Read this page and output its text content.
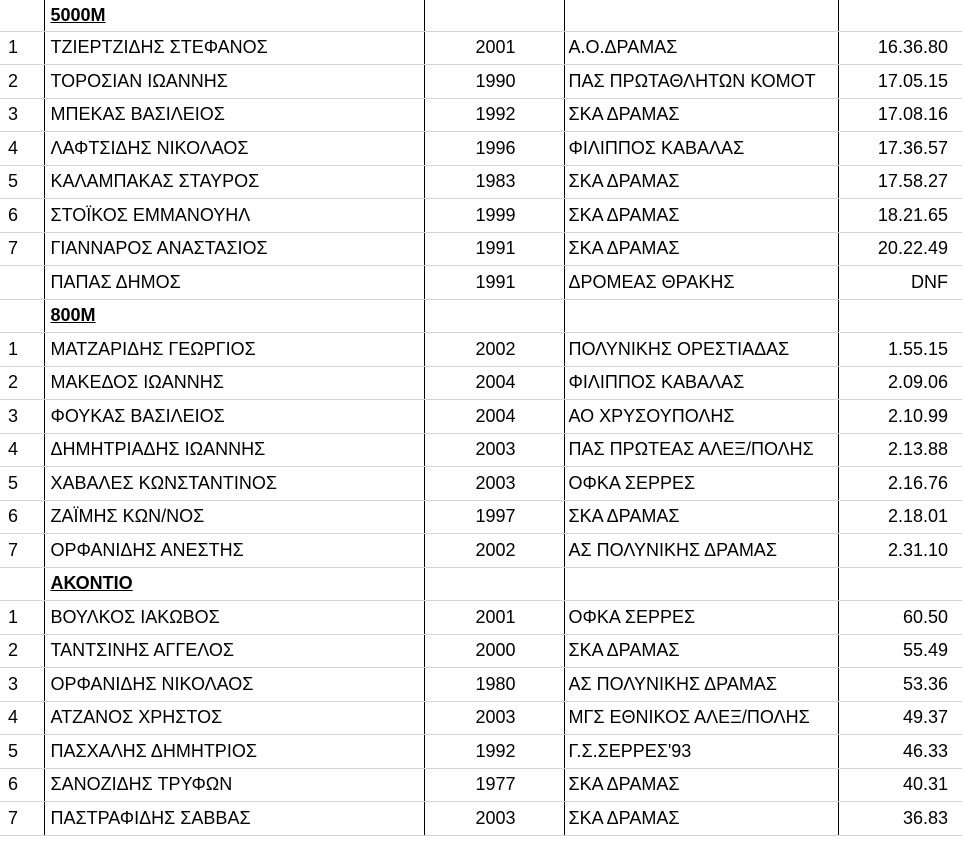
	5000M			
1	ΤΖΙΕΡΤΖΙΔΗΣ ΣΤΕΦΑΝΟΣ	2001	Α.Ο.ΔΡΑΜΑΣ	16.36.80
2	ΤΟΡΟΣΙΑΝ ΙΩΑΝΝΗΣ	1990	ΠΑΣ ΠΡΩΤΑΘΛΗΤΩΝ ΚΟΜΟΤ	17.05.15
3	ΜΠΕΚΑΣ ΒΑΣΙΛΕΙΟΣ	1992	ΣΚΑ ΔΡΑΜΑΣ	17.08.16
4	ΛΑΦΤΣΙΔΗΣ ΝΙΚΟΛΑΟΣ	1996	ΦΙΛΙΠΠΟΣ ΚΑΒΑΛΑΣ	17.36.57
5	ΚΑΛΑΜΠΑΚΑΣ ΣΤΑΥΡΟΣ	1983	ΣΚΑ ΔΡΑΜΑΣ	17.58.27
6	ΣΤΟΪΚΟΣ ΕΜΜΑΝΟΥΗΛ	1999	ΣΚΑ ΔΡΑΜΑΣ	18.21.65
7	ΓΙΑΝΝΑΡΟΣ ΑΝΑΣΤΑΣΙΟΣ	1991	ΣΚΑ ΔΡΑΜΑΣ	20.22.49
	ΠΑΠΑΣ ΔΗΜΟΣ	1991	ΔΡΟΜΕΑΣ ΘΡΑΚΗΣ	DNF
	800Μ			
1	ΜΑΤΖΑΡΙΔΗΣ ΓΕΩΡΓΙΟΣ	2002	ΠΟΛΥΝΙΚΗΣ ΟΡΕΣΤΙΑΔΑΣ	1.55.15
2	ΜΑΚΕΔΟΣ ΙΩΑΝΝΗΣ	2004	ΦΙΛΙΠΠΟΣ ΚΑΒΑΛΑΣ	2.09.06
3	ΦΟΥΚΑΣ ΒΑΣΙΛΕΙΟΣ	2004	ΑΟ ΧΡΥΣΟΥΠΟΛΗΣ	2.10.99
4	ΔΗΜΗΤΡΙΑΔΗΣ ΙΩΑΝΝΗΣ	2003	ΠΑΣ ΠΡΩΤΕΑΣ ΑΛΕΞ/ΠΟΛΗΣ	2.13.88
5	ΧΑΒΑΛΕΣ ΚΩΝΣΤΑΝΤΙΝΟΣ	2003	ΟΦΚΑ ΣΕΡΡΕΣ	2.16.76
6	ΖΑΪΜΗΣ ΚΩΝ/ΝΟΣ	1997	ΣΚΑ ΔΡΑΜΑΣ	2.18.01
7	ΟΡΦΑΝΙΔΗΣ ΑΝΕΣΤΗΣ	2002	ΑΣ ΠΟΛΥΝΙΚΗΣ ΔΡΑΜΑΣ	2.31.10
	ΑΚΟΝΤΙΟ			
1	ΒΟΥΛΚΟΣ ΙΑΚΩΒΟΣ	2001	ΟΦΚΑ ΣΕΡΡΕΣ	60.50
2	ΤΑΝΤΣΙΝΗΣ ΑΓΓΕΛΟΣ	2000	ΣΚΑ ΔΡΑΜΑΣ	55.49
3	ΟΡΦΑΝΙΔΗΣ ΝΙΚΟΛΑΟΣ	1980	ΑΣ ΠΟΛΥΝΙΚΗΣ ΔΡΑΜΑΣ	53.36
4	ΑΤΖΑΝΟΣ ΧΡΗΣΤΟΣ	2003	ΜΓΣ ΕΘΝΙΚΟΣ ΑΛΕΞ/ΠΟΛΗΣ	49.37
5	ΠΑΣΧΑΛΗΣ ΔΗΜΗΤΡΙΟΣ	1992	Γ.Σ.ΣΕΡΡΕΣ'93	46.33
6	ΣΑΝΟΖΙΔΗΣ ΤΡΥΦΩΝ	1977	ΣΚΑ ΔΡΑΜΑΣ	40.31
7	ΠΑΣΤΡΑΦΙΔΗΣ ΣΑΒΒΑΣ	2003	ΣΚΑ ΔΡΑΜΑΣ	36.83
